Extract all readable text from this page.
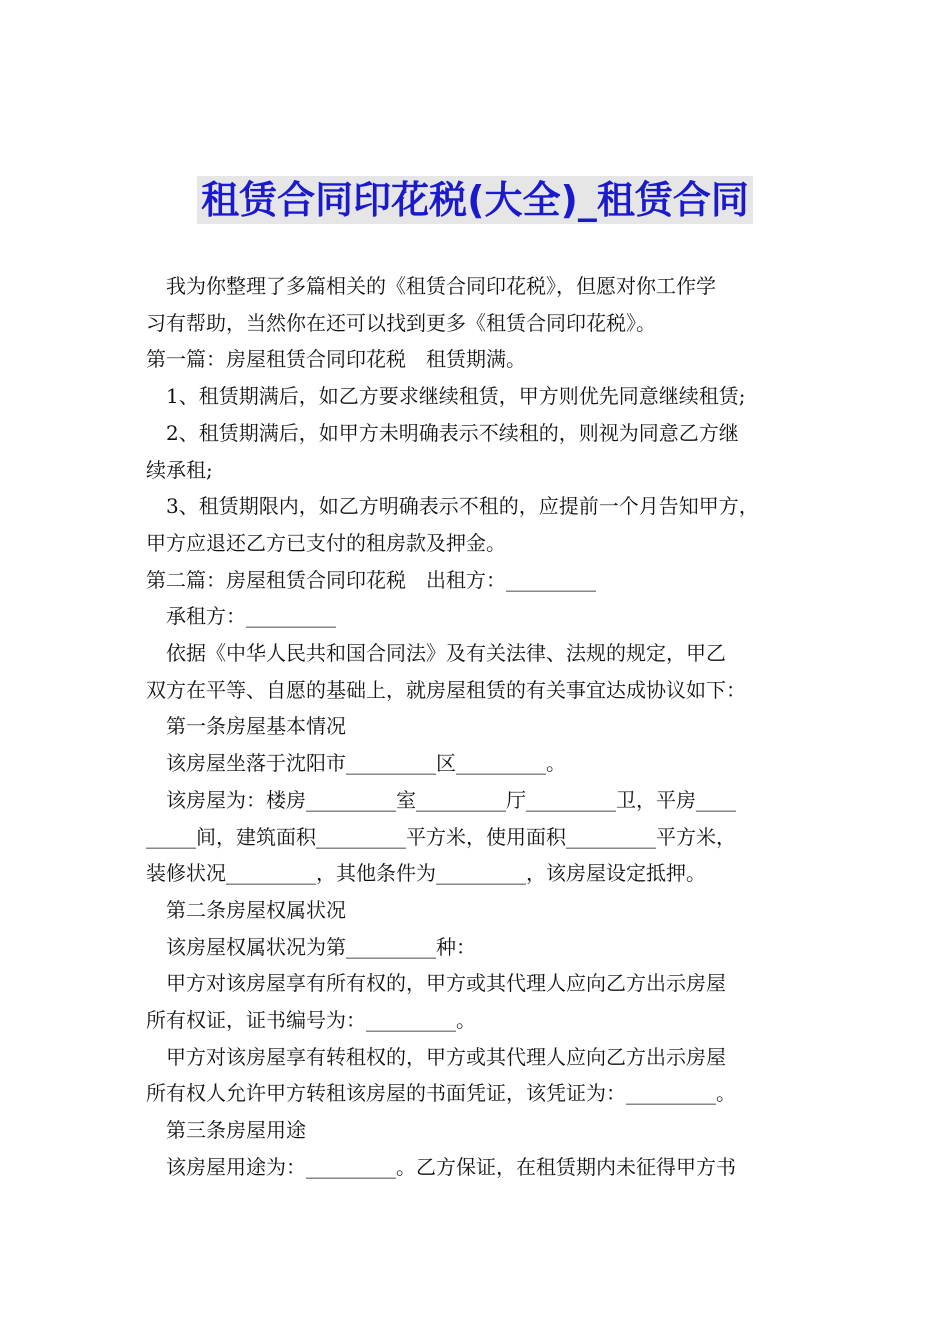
租赁合同印花税(大全)_租赁合同

我为你整理了多篇相关的《租赁合同印花税》，但愿对你工作学

习有帮助，当然你在还可以找到更多《租赁合同印花税》。

第一篇：房屋租赁合同印花税　租赁期满。

1、租赁期满后，如乙方要求继续租赁，甲方则优先同意继续租赁;

2、租赁期满后，如甲方未明确表示不续租的，则视为同意乙方继

续承租;

3、租赁期限内，如乙方明确表示不租的，应提前一个月告知甲方，

甲方应退还乙方已支付的租房款及押金。

第二篇：房屋租赁合同印花税　出租方：_________

承租方：_________

依据《中华人民共和国合同法》及有关法律、法规的规定，甲乙

双方在平等、自愿的基础上，就房屋租赁的有关事宜达成协议如下：

第一条房屋基本情况

该房屋坐落于沈阳市_________区_________。

该房屋为：楼房_________室_________厅_________卫，平房____

_____间，建筑面积_________平方米，使用面积_________平方米，

装修状况_________，其他条件为_________，该房屋设定抵押。

第二条房屋权属状况

该房屋权属状况为第_________种：

甲方对该房屋享有所有权的，甲方或其代理人应向乙方出示房屋

所有权证，证书编号为：_________。

甲方对该房屋享有转租权的，甲方或其代理人应向乙方出示房屋

所有权人允许甲方转租该房屋的书面凭证，该凭证为：_________。

第三条房屋用途

该房屋用途为：_________。乙方保证，在租赁期内未征得甲方书
